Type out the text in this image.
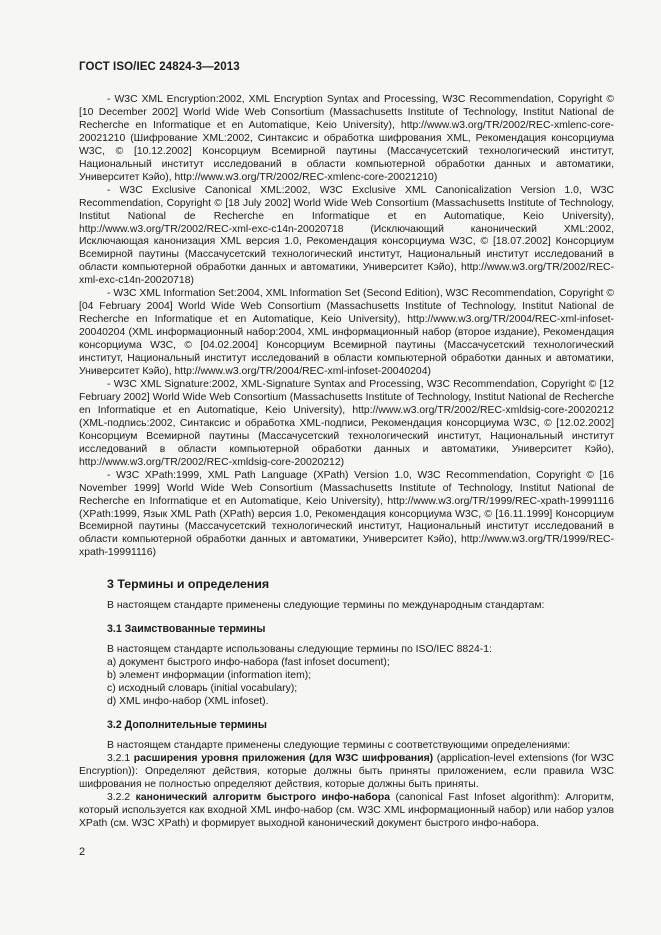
ГОСТ ISO/IEC 24824-3—2013

- W3C XML Encryption:2002, XML Encryption Syntax and Processing, W3C Recommendation, Copyright © [10 December 2002] World Wide Web Consortium (Massachusetts Institute of Technology, Institut National de Recherche en Informatique et en Automatique, Keio University), http://www.w3.org/TR/2002/REC-xmlenc-core-20021210 (Шифрование XML:2002, Синтаксис и обработка шифрования XML, Рекомендация консорциума W3C, © [10.12.2002] Консорциум Всемирной паутины (Массачусетский технологический институт, Национальный институт исследований в области компьютерной обработки данных и автоматики, Университет Кэйо), http://www.w3.org/TR/2002/REC-xmlenc-core-20021210)

- W3C Exclusive Canonical XML:2002, W3C Exclusive XML Canonicalization Version 1.0, W3C Recommendation, Copyright © [18 July 2002] World Wide Web Consortium (Massachusetts Institute of Technology, Institut National de Recherche en Informatique et en Automatique, Keio University), http://www.w3.org/TR/2002/REC-xml-exc-c14n-20020718 (Исключающий канонический XML:2002, Исключающая канонизация XML версия 1.0, Рекомендация консорциума W3C, © [18.07.2002] Консорциум Всемирной паутины (Массачусетский технологический институт, Национальный институт исследований в области компьютерной обработки данных и автоматики, Университет Кэйо), http://www.w3.org/TR/2002/REC-xml-exc-c14n-20020718)

- W3C XML Information Set:2004, XML Information Set (Second Edition), W3C Recommendation, Copyright © [04 February 2004] World Wide Web Consortium (Massachusetts Institute of Technology, Institut National de Recherche en Informatique et en Automatique, Keio University), http://www.w3.org/TR/2004/REC-xml-infoset-20040204 (XML информационный набор:2004, XML информационный набор (второе издание), Рекомендация консорциума W3C, © [04.02.2004] Консорциум Всемирной паутины (Массачусетский технологический институт, Национальный институт исследований в области компьютерной обработки данных и автоматики, Университет Кэйо), http://www.w3.org/TR/2004/REC-xml-infoset-20040204)

- W3C XML Signature:2002, XML-Signature Syntax and Processing, W3C Recommendation, Copyright © [12 February 2002] World Wide Web Consortium (Massachusetts Institute of Technology, Institut National de Recherche en Informatique et en Automatique, Keio University), http://www.w3.org/TR/2002/REC-xmldsig-core-20020212 (XML-подпись:2002, Синтаксис и обработка XML-подписи, Рекомендация консорциума W3C, © [12.02.2002] Консорциум Всемирной паутины (Массачусетский технологический институт, Национальный институт исследований в области компьютерной обработки данных и автоматики, Университет Кэйо), http://www.w3.org/TR/2002/REC-xmldsig-core-20020212)

- W3C XPath:1999, XML Path Language (XPath) Version 1.0, W3C Recommendation, Copyright © [16 November 1999] World Wide Web Consortium (Massachusetts Institute of Technology, Institut National de Recherche en Informatique et en Automatique, Keio University), http://www.w3.org/TR/1999/REC-xpath-19991116 (XPath:1999, Язык XML Path (XPath) версия 1.0, Рекомендация консорциума W3C, © [16.11.1999] Консорциум Всемирной паутины (Массачусетский технологический институт, Национальный институт исследований в области компьютерной обработки данных и автоматики, Университет Кэйо), http://www.w3.org/TR/1999/REC-xpath-19991116)

3 Термины и определения

В настоящем стандарте применены следующие термины по международным стандартам:

3.1 Заимствованные термины

В настоящем стандарте использованы следующие термины по ISO/IEC 8824-1:

a) документ быстрого инфо-набора (fast infoset document);
b) элемент информации (information item);
c) исходный словарь (initial vocabulary);
d) XML инфо-набор (XML infoset).
3.2 Дополнительные термины

В настоящем стандарте применены следующие термины с соответствующими определениями:

3.2.1 расширения уровня приложения (для W3C шифрования) (application-level extensions (for W3C Encryption)): Определяют действия, которые должны быть приняты приложением, если правила W3C шифрования не полностью определяют действия, которые должны быть приняты.

3.2.2 канонический алгоритм быстрого инфо-набора (canonical Fast Infoset algorithm): Алгоритм, который используется как входной XML инфо-набор (см. W3C XML информационный набор) или набор узлов XPath (см. W3C XPath) и формирует выходной канонический документ быстрого инфо-набора.

2
